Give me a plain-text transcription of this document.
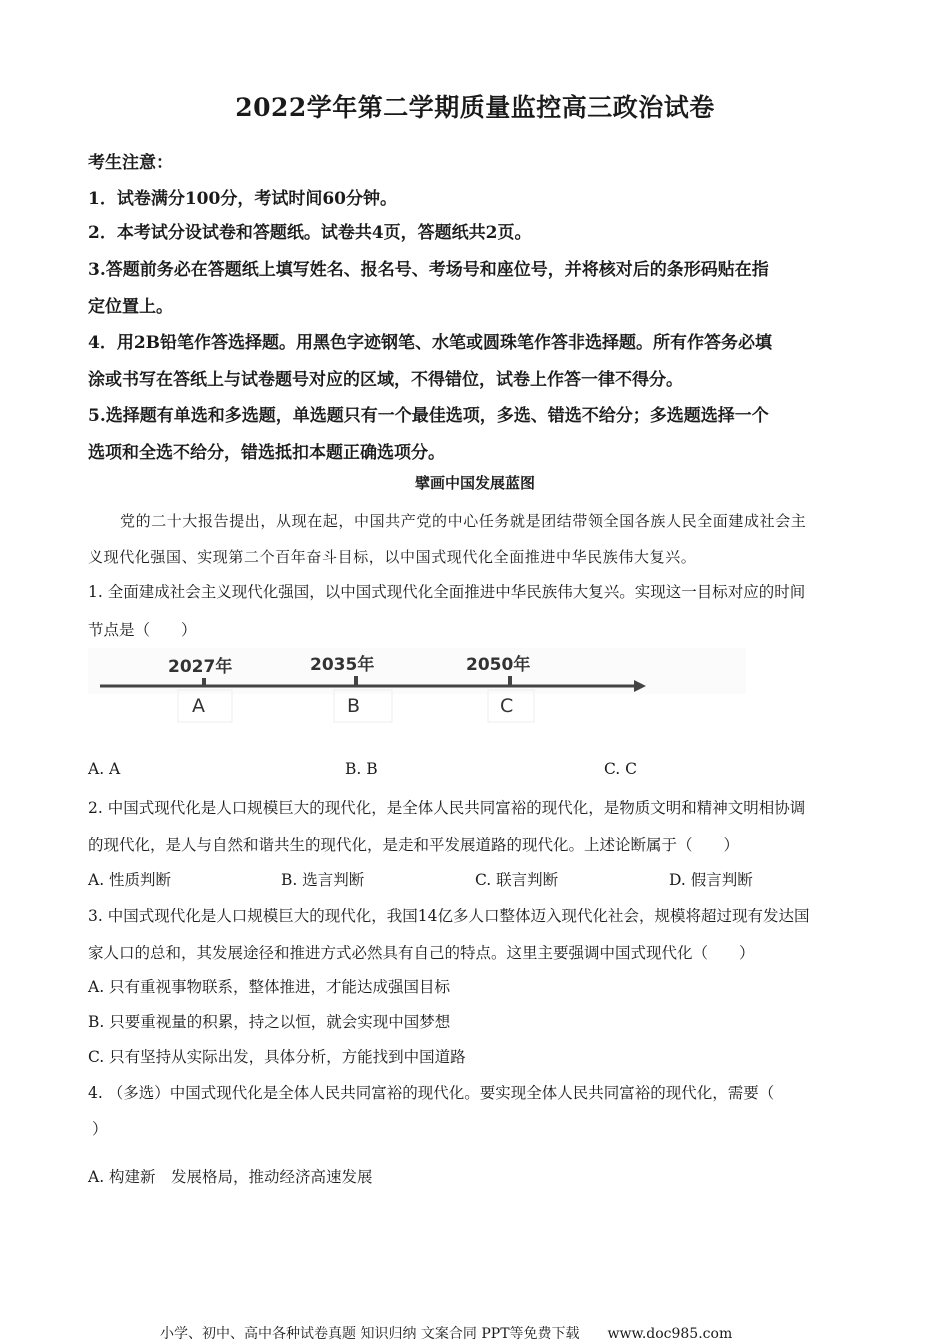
2022学年第二学期质量监控高三政治试卷
考生注意：
1．试卷满分100分，考试时间60分钟。
2．本考试分设试卷和答题纸。试卷共4页，答题纸共2页。
3.答题前务必在答题纸上填写姓名、报名号、考场号和座位号，并将核对后的条形码贴在指
定位置上。
4．用2B铅笔作答选择题。用黑色字迹钢笔、水笔或圆珠笔作答非选择题。所有作答务必填
涂或书写在答纸上与试卷题号对应的区域，不得错位，试卷上作答一律不得分。
5.选择题有单选和多选题，单选题只有一个最佳选项，多选、错选不给分；多选题选择一个
选项和全选不给分，错选抵扣本题正确选项分。
擘画中国发展蓝图
党的二十大报告提出，从现在起，中国共产党的中心任务就是团结带领全国各族人民全面建成社会主
义现代化强国、实现第二个百年奋斗目标，以中国式现代化全面推进中华民族伟大复兴。
1. 全面建成社会主义现代化强国，以中国式现代化全面推进中华民族伟大复兴。实现这一目标对应的时间
节点是（　　）
2027年	2035年	2050年
A	B	C
A. A	B. B	C. C
2. 中国式现代化是人口规模巨大的现代化，是全体人民共同富裕的现代化，是物质文明和精神文明相协调
的现代化，是人与自然和谐共生的现代化，是走和平发展道路的现代化。上述论断属于（　　）
A. 性质判断	B. 选言判断	C. 联言判断	D. 假言判断
3. 中国式现代化是人口规模巨大的现代化，我国14亿多人口整体迈入现代化社会，规模将超过现有发达国
家人口的总和，其发展途径和推进方式必然具有自己的特点。这里主要强调中国式现代化（　　）
A. 只有重视事物联系，整体推进，才能达成强国目标
B. 只要重视量的积累，持之以恒，就会实现中国梦想
C. 只有坚持从实际出发，具体分析，方能找到中国道路
4. （多选）中国式现代化是全体人民共同富裕的现代化。要实现全体人民共同富裕的现代化，需要（
）
A. 构建新　发展格局，推动经济高速发展
小学、初中、高中各种试卷真题 知识归纳 文案合同 PPT等免费下载　　www.doc985.com
